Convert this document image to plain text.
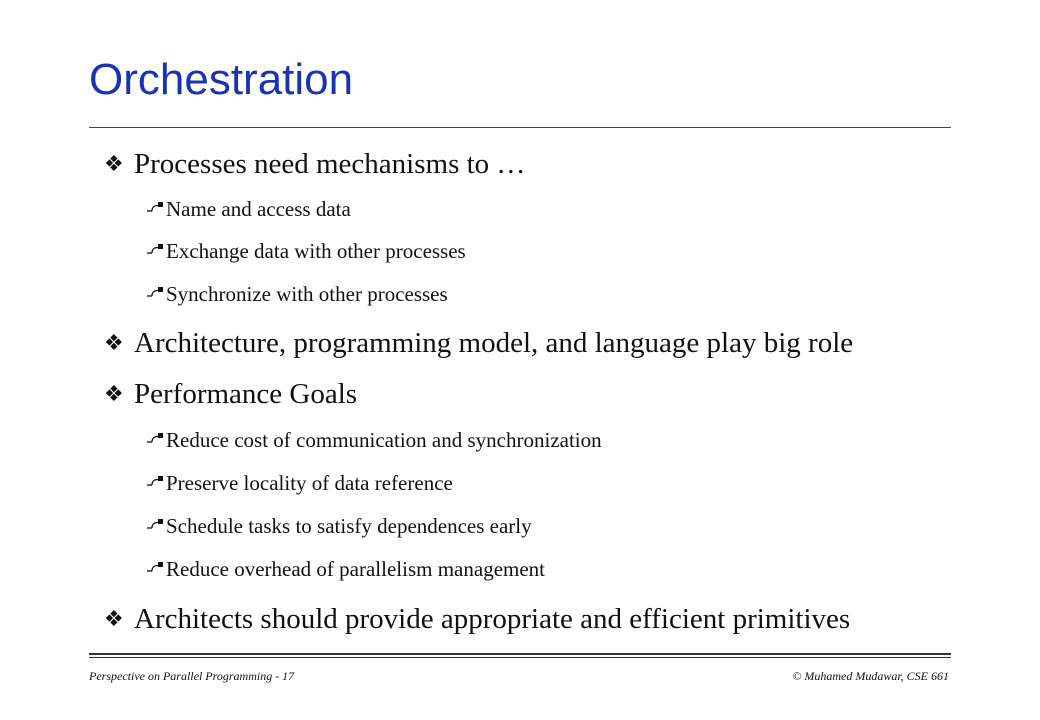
Orchestration
❖ Processes need mechanisms to …
Name and access data
Exchange data with other processes
Synchronize with other processes
❖ Architecture, programming model, and language play big role
❖ Performance Goals
Reduce cost of communication and synchronization
Preserve locality of data reference
Schedule tasks to satisfy dependences early
Reduce overhead of parallelism management
❖ Architects should provide appropriate and efficient primitives
Perspective on Parallel Programming - 17	© Muhamed Mudawar, CSE 661
